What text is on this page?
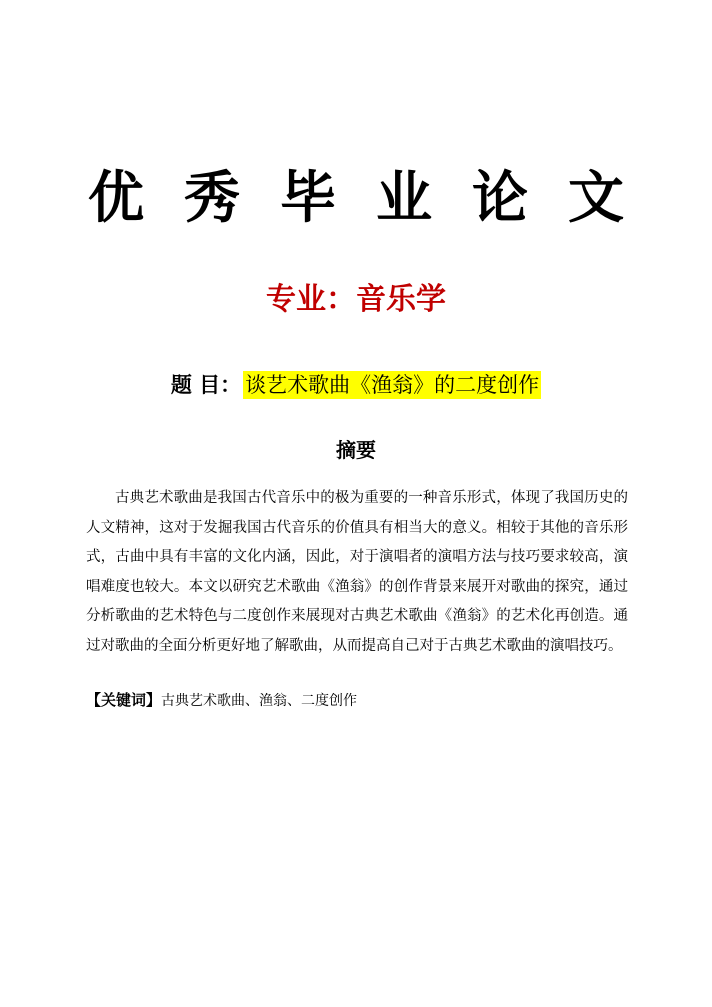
优秀毕业论文
专业：音乐学
题 目： 谈艺术歌曲《渔翁》的二度创作
摘要

古典艺术歌曲是我国古代音乐中的极为重要的一种音乐形式，体现了我国历史的人文精神，这对于发掘我国古代音乐的价值具有相当大的意义。相较于其他的音乐形式，古曲中具有丰富的文化内涵，因此，对于演唱者的演唱方法与技巧要求较高，演唱难度也较大。本文以研究艺术歌曲《渔翁》的创作背景来展开对歌曲的探究，通过分析歌曲的艺术特色与二度创作来展现对古典艺术歌曲《渔翁》的艺术化再创造。通过对歌曲的全面分析更好地了解歌曲，从而提高自己对于古典艺术歌曲的演唱技巧。

【关键词】古典艺术歌曲、渔翁、二度创作
